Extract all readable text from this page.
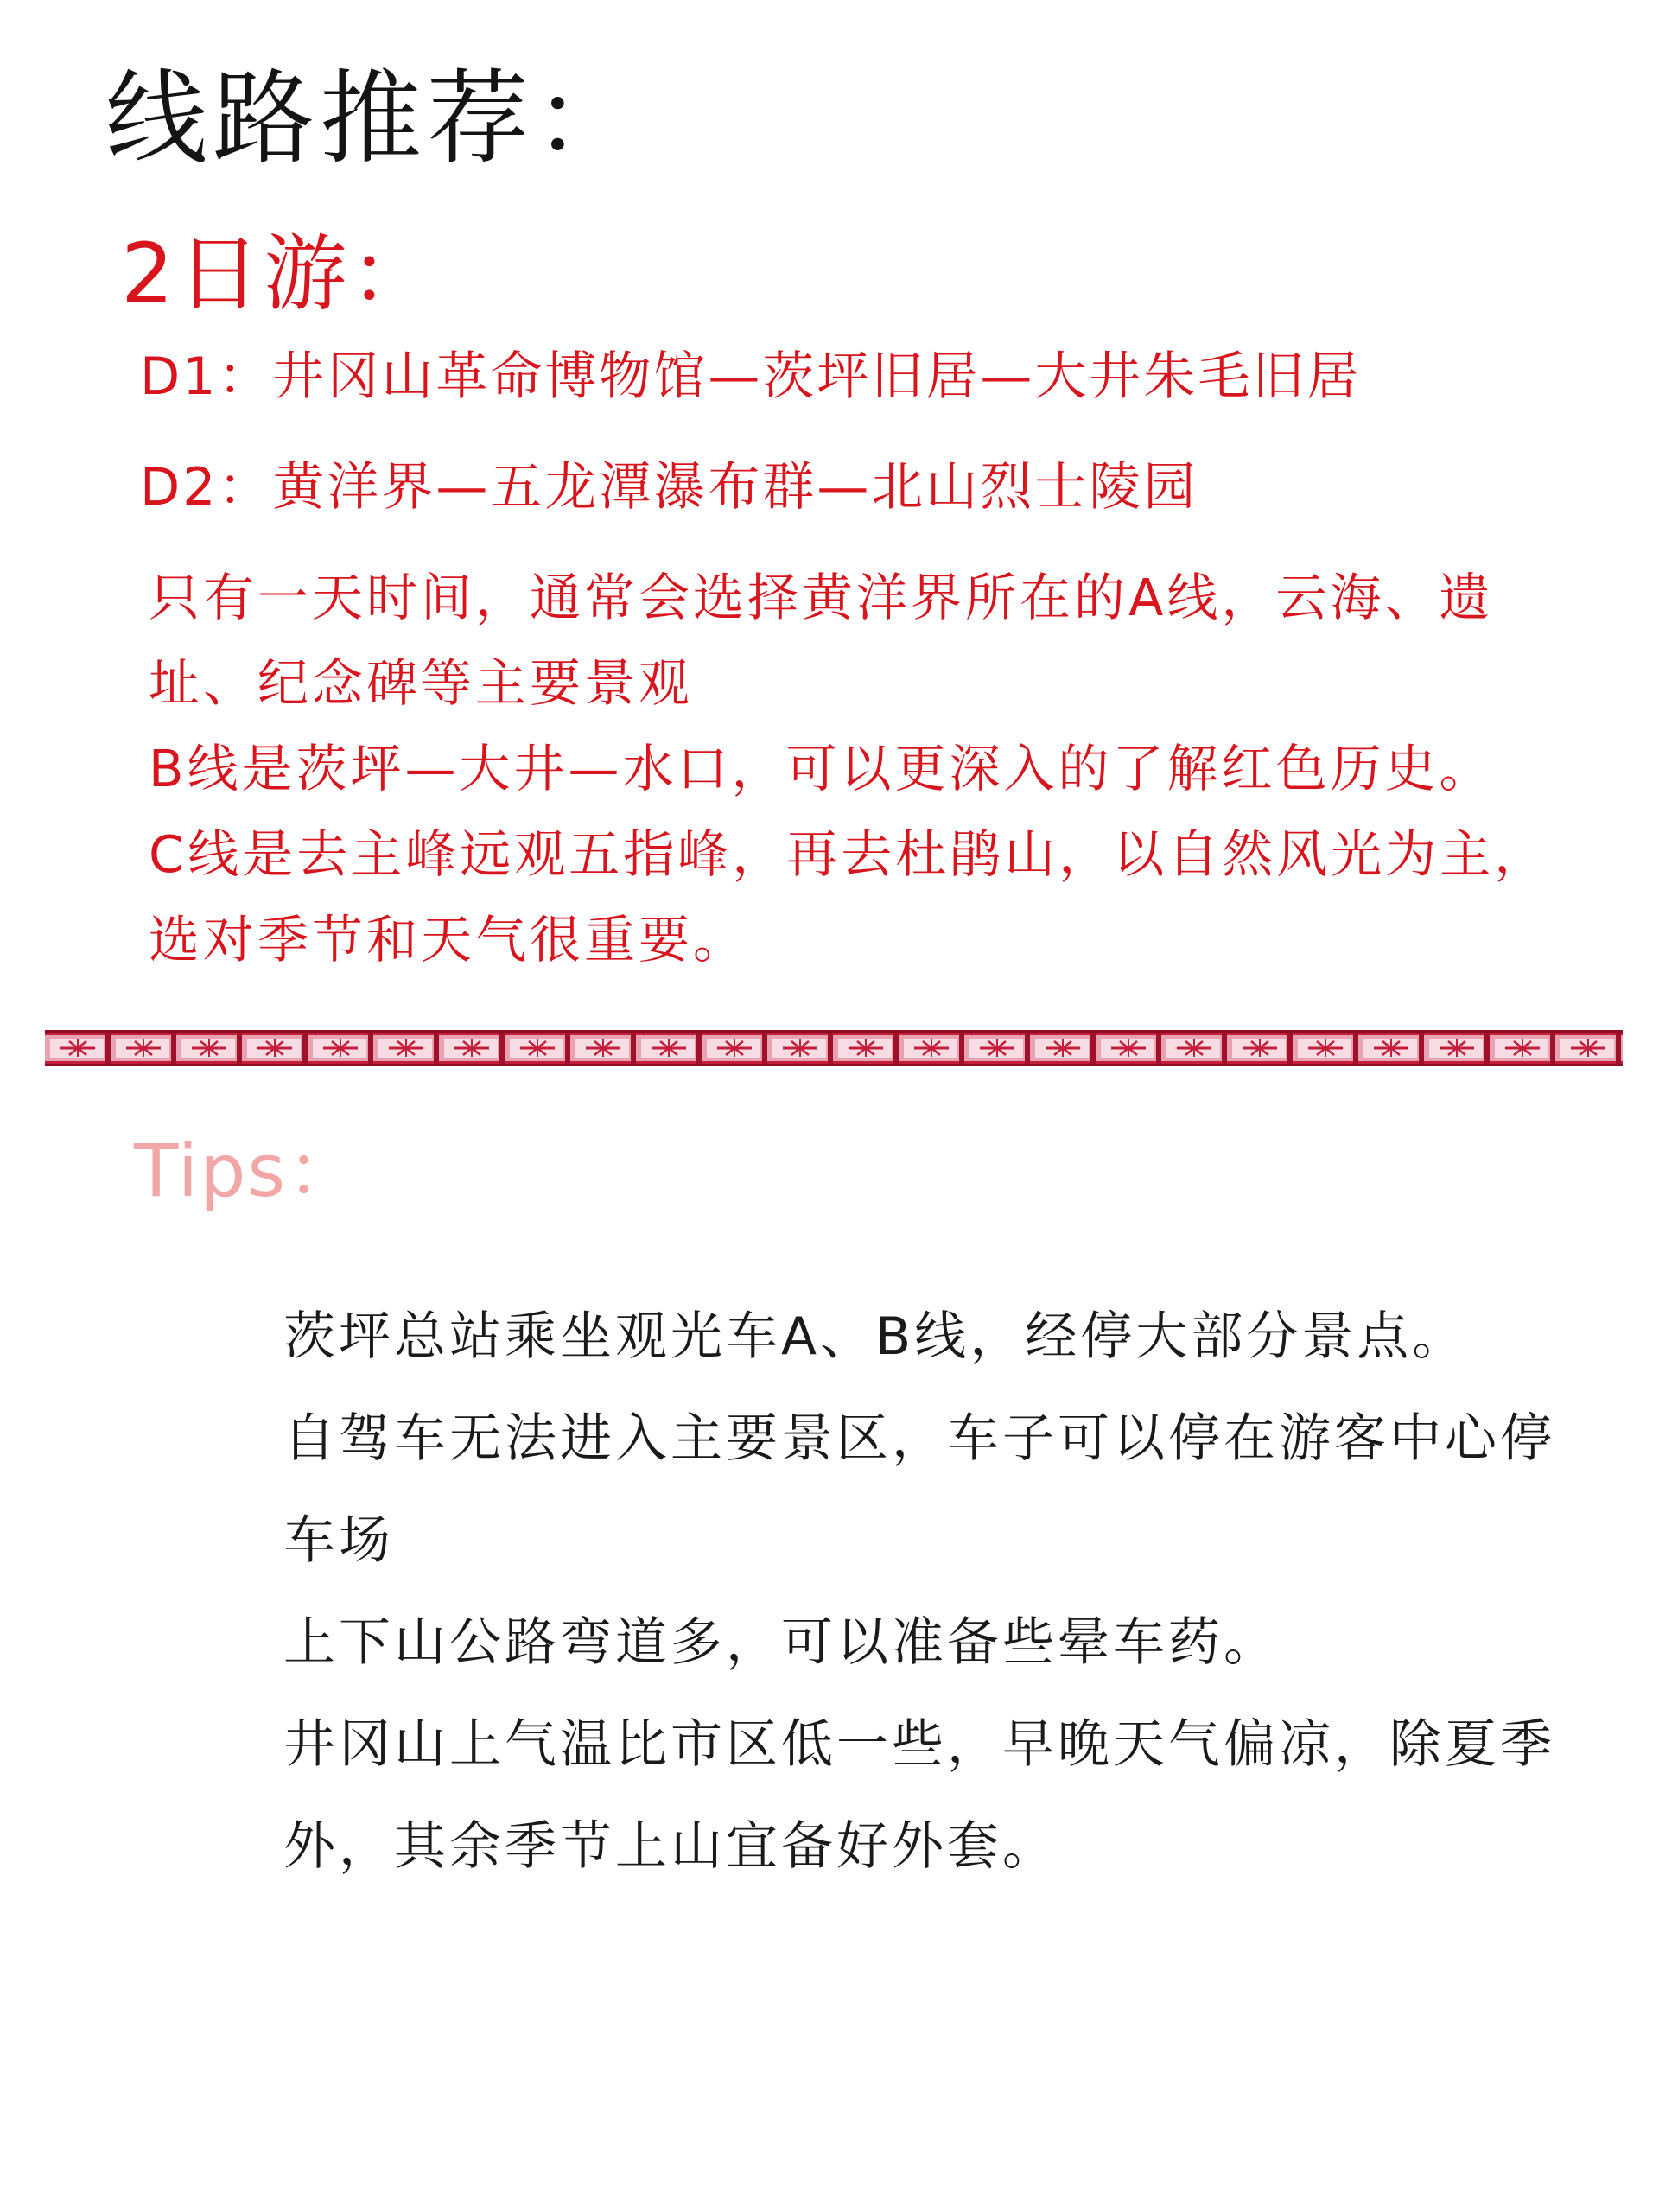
线路推荐：
2日游：
D1：井冈山革命博物馆—茨坪旧居—大井朱毛旧居
D2：黄洋界—五龙潭瀑布群—北山烈士陵园

只有一天时间，通常会选择黄洋界所在的A线，云海、遗址、纪念碑等主要景观

B线是茨坪—大井—水口，可以更深入的了解红色历史。

C线是去主峰远观五指峰，再去杜鹃山，以自然风光为主，选对季节和天气很重要。

Tips：

茨坪总站乘坐观光车A、B线，经停大部分景点。

自驾车无法进入主要景区，车子可以停在游客中心停车场

上下山公路弯道多，可以准备些晕车药。

井冈山上气温比市区低一些，早晚天气偏凉，除夏季外，其余季节上山宜备好外套。
